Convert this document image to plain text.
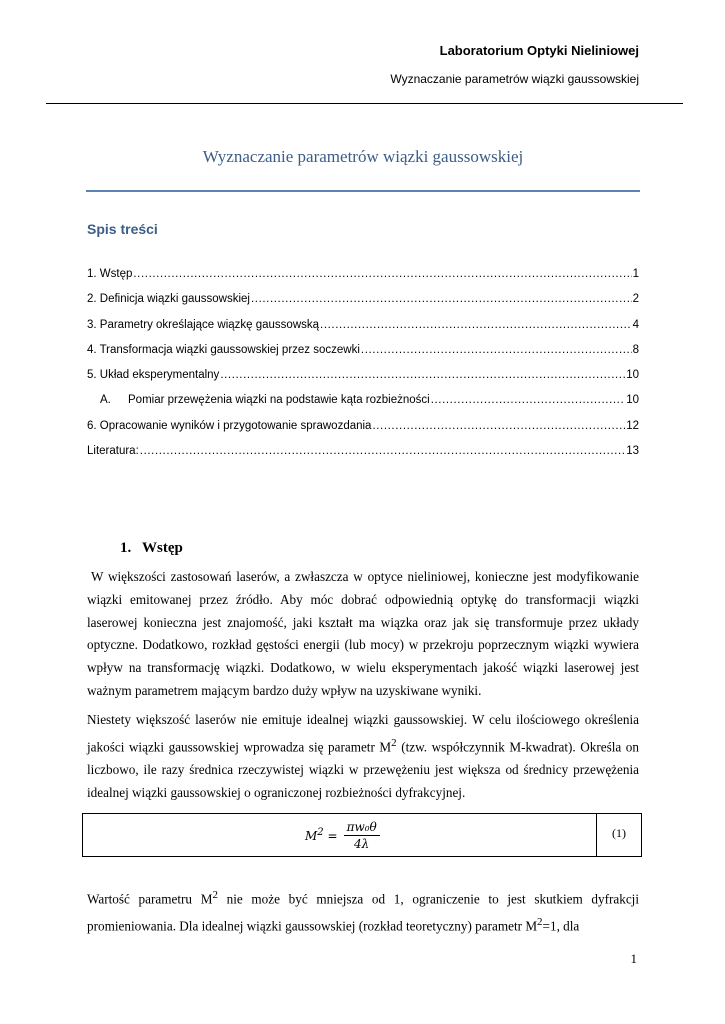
Laboratorium Optyki Nieliniowej
Wyznaczanie parametrów wiązki gaussowskiej
Wyznaczanie parametrów wiązki gaussowskiej
Spis treści
1. Wstęp .....	1
2. Definicja wiązki gaussowskiej .....	2
3. Parametry określające wiązkę gaussowską .....	4
4. Transformacja wiązki gaussowskiej przez soczewki .....	8
5. Układ eksperymentalny .....	10
A. Pomiar przewężenia wiązki na podstawie kąta rozbieżności .....	10
6. Opracowanie wyników i przygotowanie sprawozdania .....	12
Literatura: .....	13
1. Wstęp
W większości zastosowań laserów, a zwłaszcza w optyce nieliniowej, konieczne jest modyfikowanie wiązki emitowanej przez źródło. Aby móc dobrać odpowiednią optykę do transformacji wiązki laserowej konieczna jest znajomość, jaki kształt ma wiązka oraz jak się transformuje przez układy optyczne. Dodatkowo, rozkład gęstości energii (lub mocy) w przekroju poprzecznym wiązki wywiera wpływ na transformację wiązki. Dodatkowo, w wielu eksperymentach jakość wiązki laserowej jest ważnym parametrem mającym bardzo duży wpływ na uzyskiwane wyniki.
Niestety większość laserów nie emituje idealnej wiązki gaussowskiej. W celu ilościowego określenia jakości wiązki gaussowskiej wprowadza się parametr $M^2$ (tzw. współczynnik M-kwadrat). Określa on liczbowo, ile razy średnica rzeczywistej wiązki w przewężeniu jest większa od średnicy przewężenia idealnej wiązki gaussowskiej o ograniczonej rozbieżności dyfrakcyjnej.
$M^2 = \frac{\text{πw₀θ}}{4\lambda}$	(1)
Wartość parametru $M^2$ nie może być mniejsza od 1, ograniczenie to jest skutkiem dyfrakcji promieniowania. Dla idealnej wiązki gaussowskiej (rozkład teoretyczny) parametr $M^2=1$, dla
1
